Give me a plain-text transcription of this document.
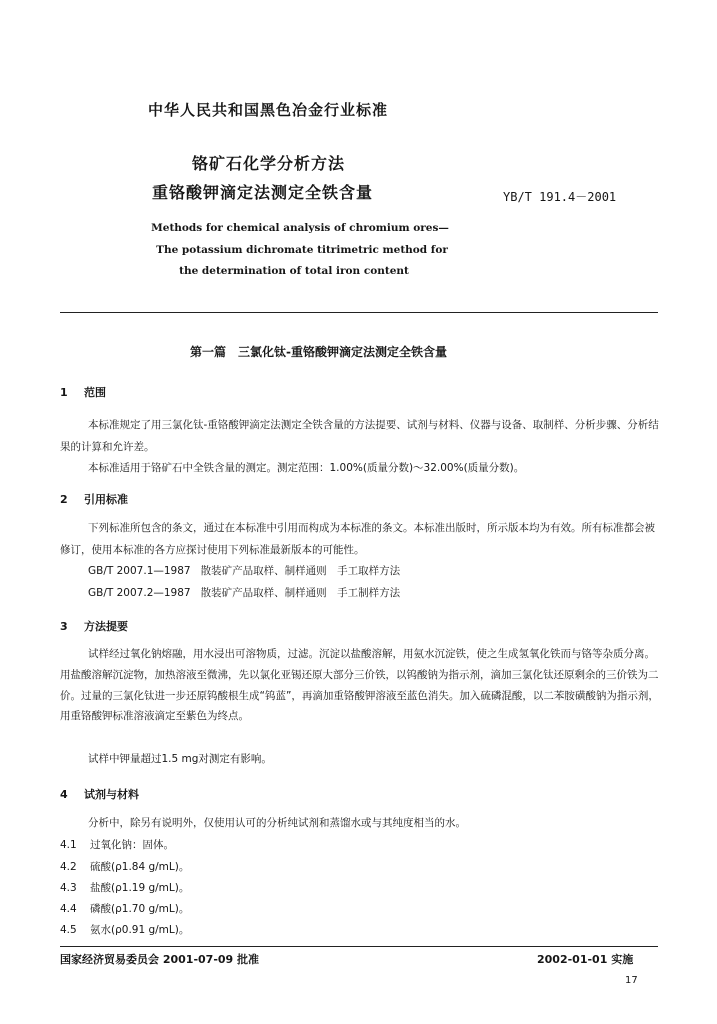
中华人民共和国黑色冶金行业标准
铬矿石化学分析方法
重铬酸钾滴定法测定全铁含量	YB/T 191.4－2001
Methods for chemical analysis of chromium ores—
The potassium dichromate titrimetric method for
the determination of total iron content
第一篇　三氯化钛-重铬酸钾滴定法测定全铁含量
1 范围
本标准规定了用三氯化钛-重铬酸钾滴定法测定全铁含量的方法提要、试剂与材料、仪器与设备、取制样、分析步骤、分析结果的计算和允许差。
本标准适用于铬矿石中全铁含量的测定。测定范围：1.00%(质量分数)～32.00%(质量分数)。
2 引用标准
下列标准所包含的条文，通过在本标准中引用而构成为本标准的条文。本标准出版时，所示版本均为有效。所有标准都会被修订，使用本标准的各方应探讨使用下列标准最新版本的可能性。
GB/T 2007.1—1987 散装矿产品取样、制样通则　手工取样方法
GB/T 2007.2—1987 散装矿产品取样、制样通则　手工制样方法
3 方法提要
试样经过氧化钠熔融，用水浸出可溶物质，过滤。沉淀以盐酸溶解，用氨水沉淀铁，使之生成氢氧化铁而与铬等杂质分离。用盐酸溶解沉淀物，加热溶液至微沸，先以氯化亚锡还原大部分三价铁，以钨酸钠为指示剂，滴加三氯化钛还原剩余的三价铁为二价。过量的三氯化钛进一步还原钨酸根生成“钨蓝”，再滴加重铬酸钾溶液至蓝色消失。加入硫磷混酸，以二苯胺磺酸钠为指示剂，用重铬酸钾标准溶液滴定至紫色为终点。
试样中钾量超过1.5 mg对测定有影响。
4 试剂与材料
分析中，除另有说明外，仅使用认可的分析纯试剂和蒸馏水或与其纯度相当的水。
4.1 过氧化钠：固体。
4.2 硫酸(ρ1.84 g/mL)。
4.3 盐酸(ρ1.19 g/mL)。
4.4 磷酸(ρ1.70 g/mL)。
4.5 氨水(ρ0.91 g/mL)。
国家经济贸易委员会 2001-07-09 批准	2002-01-01 实施
17
